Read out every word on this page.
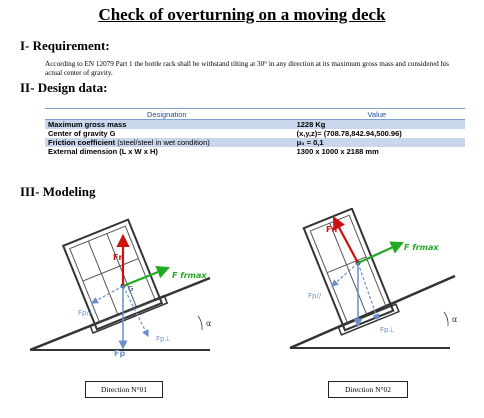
Check of overturning on a moving deck
I- Requirement:
According to EN 12079 Part 1 the bottle rack shall be withstand tilting at 30° in any direction at its maximum gross mass and considered his actual center of gravity.
II- Design data:
Designation	Value
Maximum gross mass	1228 Kg
Center of gravity G	(x,y,z)= (708.78,842.94,500.96)
Friction coefficient (steel/steel in wet condition)	μ₀ = 0,1
External dimension (L x W x H)	1300 x 1000 x 2188 mm
III- Modeling
Fn
F frmax
G
Fp//
Fp⊥
Fp
α
Fn
F frmax
Fp//
Fp⊥
α
Direction N°01	Direction N°02
